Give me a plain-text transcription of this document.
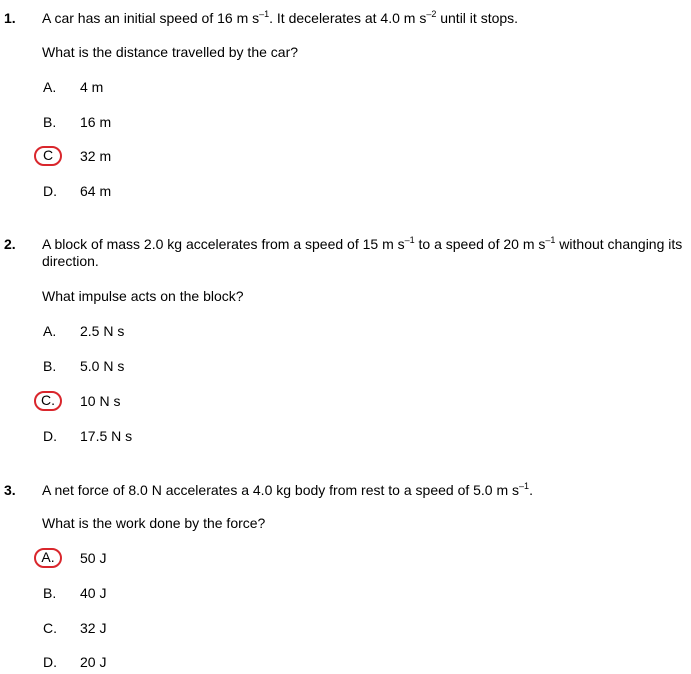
1. A car has an initial speed of 16 m $s^{-1}$. It decelerates at 4.0 m $s^{-2}$ until it stops.
What is the distance travelled by the car?
A.	4 m
B.	16 m
C	32 m
D.	64 m
2. A block of mass 2.0 kg accelerates from a speed of 15 m $s^{-1}$ to a speed of 20 m $s^{-1}$ without changing its direction.
What impulse acts on the block?
A.	2.5 N s
B.	5.0 N s
C.	10 N s
D.	17.5 N s
3. A net force of 8.0 N accelerates a 4.0 kg body from rest to a speed of 5.0 m $s^{-1}$.
What is the work done by the force?
A.	50 J
B.	40 J
C.	32 J
D.	20 J
